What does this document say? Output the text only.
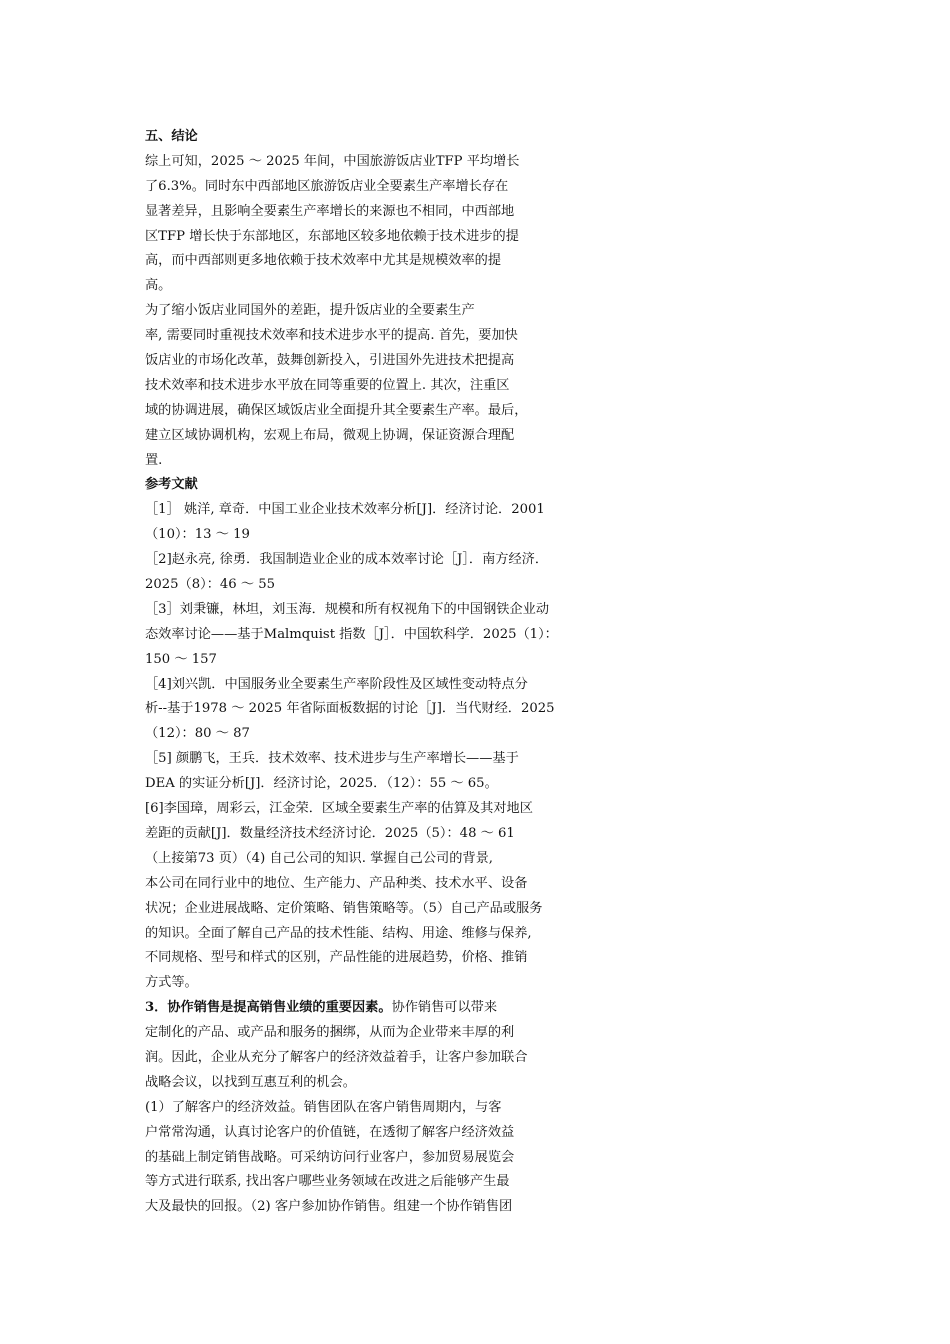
五、结论
综上可知，2025 ～ 2025 年间，中国旅游饭店业TFP 平均增长
了6.3%。同时东中西部地区旅游饭店业全要素生产率增长存在
显著差异，且影响全要素生产率增长的来源也不相同，中西部地
区TFP 增长快于东部地区，东部地区较多地依赖于技术进步的提
高，而中西部则更多地依赖于技术效率中尤其是规模效率的提
高。
为了缩小饭店业同国外的差距，提升饭店业的全要素生产
率, 需要同时重视技术效率和技术进步水平的提高. 首先，要加快
饭店业的市场化改革，鼓舞创新投入，引进国外先进技术把提高
技术效率和技术进步水平放在同等重要的位置上. 其次，注重区
域的协调进展，确保区域饭店业全面提升其全要素生产率。最后，
建立区域协调机构，宏观上布局，微观上协调，保证资源合理配
置.
参考文献
［1］ 姚洋, 章奇．中国工业企业技术效率分析[J]．经济讨论．2001
（10）：13 ～ 19
［2]赵永亮, 徐勇．我国制造业企业的成本效率讨论［J］．南方经济．
2025（8）：46 ～ 55
［3］刘秉镰，林坦，刘玉海．规模和所有权视角下的中国钢铁企业动
态效率讨论——基于Malmquist 指数［J］．中国软科学．2025（1）：
150 ～ 157
［4]刘兴凯．中国服务业全要素生产率阶段性及区域性变动特点分
析--基于1978 ～ 2025 年省际面板数据的讨论［J]．当代财经．2025
（12）：80 ～ 87
［5] 颜鹏飞，王兵．技术效率、技术进步与生产率增长——基于
DEA 的实证分析[J]．经济讨论，2025．（12）：55 ～ 65。
[6]李国璋，周彩云，江金荣．区域全要素生产率的估算及其对地区
差距的贡献[J]．数量经济技术经济讨论．2025（5）：48 ～ 61
（上接第73 页）（4) 自己公司的知识. 掌握自己公司的背景,
本公司在同行业中的地位、生产能力、产品种类、技术水平、设备
状况；企业进展战略、定价策略、销售策略等。（5）自己产品或服务
的知识。全面了解自己产品的技术性能、结构、用途、维修与保养,
不同规格、型号和样式的区别，产品性能的进展趋势，价格、推销
方式等。
3．协作销售是提高销售业绩的重要因素。协作销售可以带来
定制化的产品、或产品和服务的捆绑，从而为企业带来丰厚的利
润。因此，企业从充分了解客户的经济效益着手，让客户参加联合
战略会议，以找到互惠互利的机会。
(1）了解客户的经济效益。销售团队在客户销售周期内，与客
户常常沟通，认真讨论客户的价值链，在透彻了解客户经济效益
的基础上制定销售战略。可采纳访问行业客户，参加贸易展览会
等方式进行联系, 找出客户哪些业务领域在改进之后能够产生最
大及最快的回报。（2) 客户参加协作销售。组建一个协作销售团
